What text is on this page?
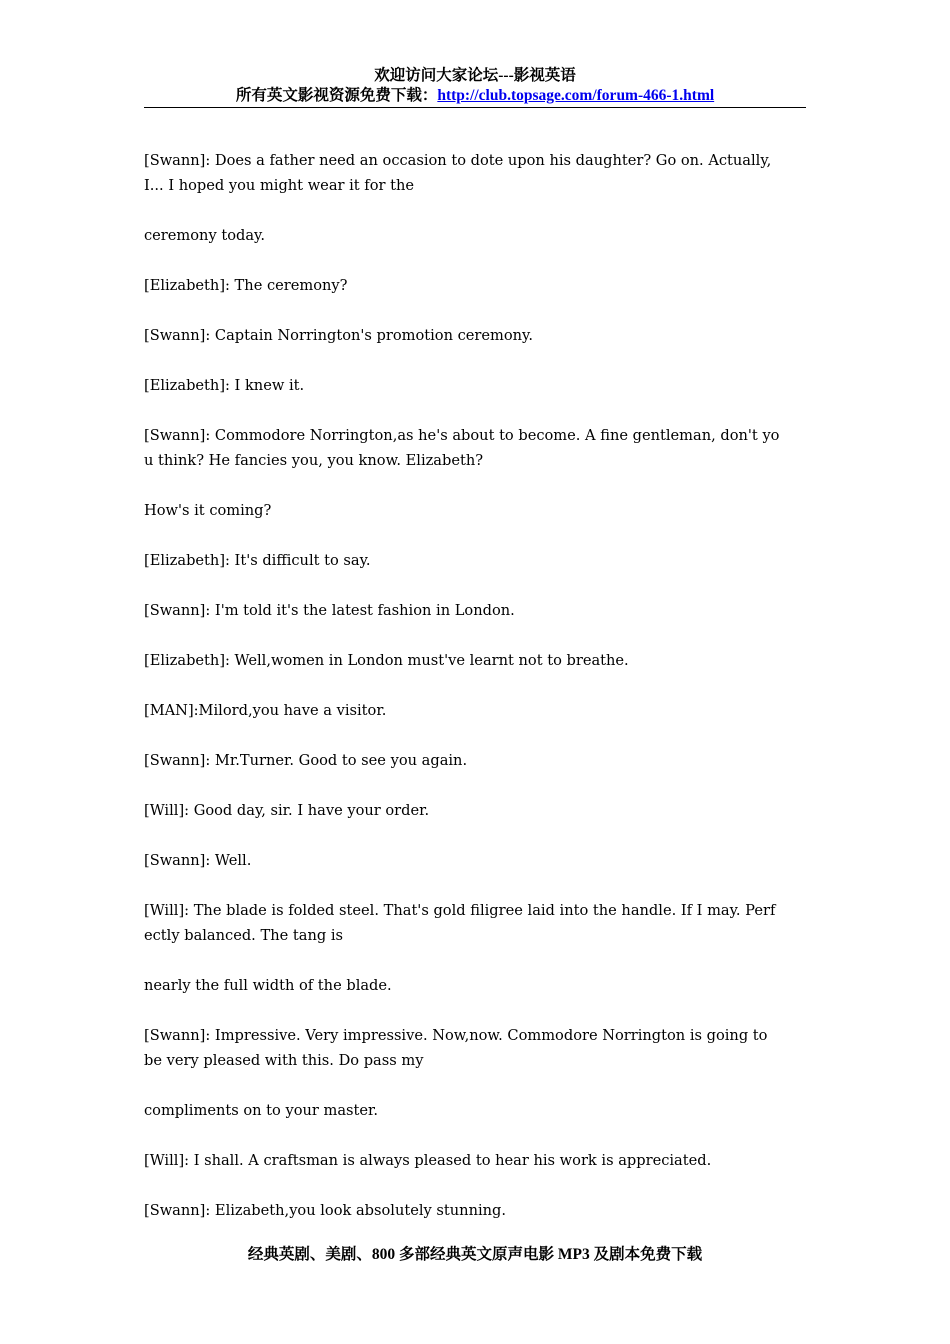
欢迎访问大家论坛---影视英语
所有英文影视资源免费下载：http://club.topsage.com/forum-466-1.html

[Swann]: Does a father need an occasion to dote upon his daughter? Go on. Actually,
I... I hoped you might wear it for the

ceremony today.

[Elizabeth]: The ceremony?

[Swann]: Captain Norrington's promotion ceremony.

[Elizabeth]: I knew it.

[Swann]: Commodore Norrington,as he's about to become. A fine gentleman, don't yo
u think? He fancies you, you know. Elizabeth?

How's it coming?

[Elizabeth]: It's difficult to say.

[Swann]: I'm told it's the latest fashion in London.

[Elizabeth]: Well,women in London must've learnt not to breathe.

[MAN]:Milord,you have a visitor.

[Swann]: Mr.Turner. Good to see you again.

[Will]: Good day, sir. I have your order.

[Swann]: Well.

[Will]: The blade is folded steel. That's gold filigree laid into the handle. If I may. Perf
ectly balanced. The tang is

nearly the full width of the blade.

[Swann]: Impressive. Very impressive. Now,now. Commodore Norrington is going to
be very pleased with this. Do pass my

compliments on to your master.

[Will]: I shall. A craftsman is always pleased to hear his work is appreciated.

[Swann]: Elizabeth,you look absolutely stunning.

经典英剧、美剧、800 多部经典英文原声电影 MP3 及剧本免费下载
